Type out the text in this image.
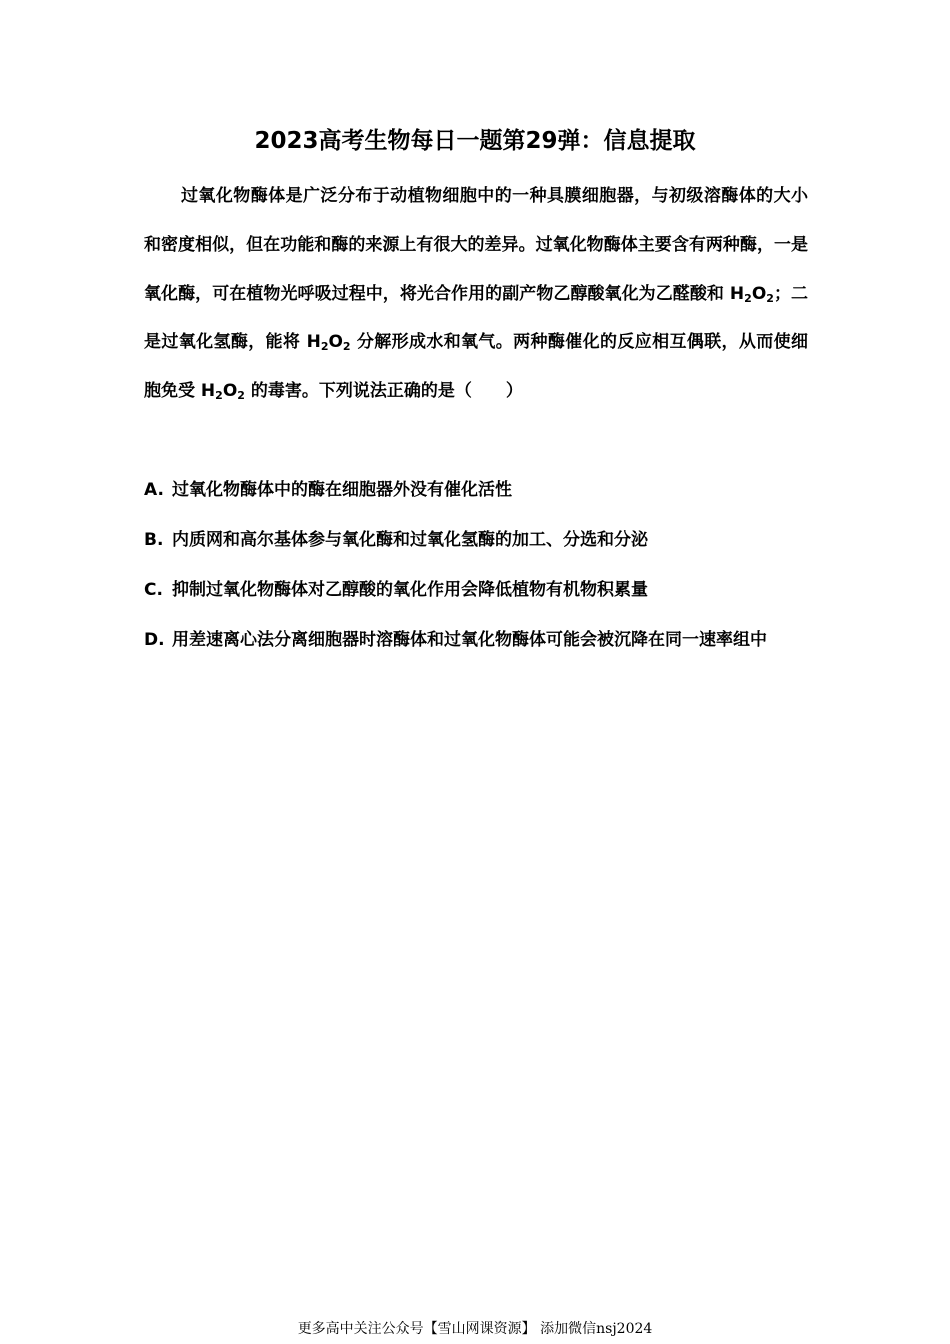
2023高考生物每日一题第29弹：信息提取

过氧化物酶体是广泛分布于动植物细胞中的一种具膜细胞器，与初级溶酶体的大小和密度相似，但在功能和酶的来源上有很大的差异。过氧化物酶体主要含有两种酶，一是氧化酶，可在植物光呼吸过程中，将光合作用的副产物乙醇酸氧化为乙醛酸和 $H_2O_2$；二是过氧化氢酶，能将 $H_2O_2$ 分解形成水和氧气。两种酶催化的反应相互偶联，从而使细胞免受 $H_2O_2$ 的毒害。下列说法正确的是（ ）

A. 过氧化物酶体中的酶在细胞器外没有催化活性
B. 内质网和高尔基体参与氧化酶和过氧化氢酶的加工、分选和分泌
C. 抑制过氧化物酶体对乙醇酸的氧化作用会降低植物有机物积累量
D. 用差速离心法分离细胞器时溶酶体和过氧化物酶体可能会被沉降在同一速率组中
更多高中关注公众号【雪山网课资源】 添加微信nsj2024
